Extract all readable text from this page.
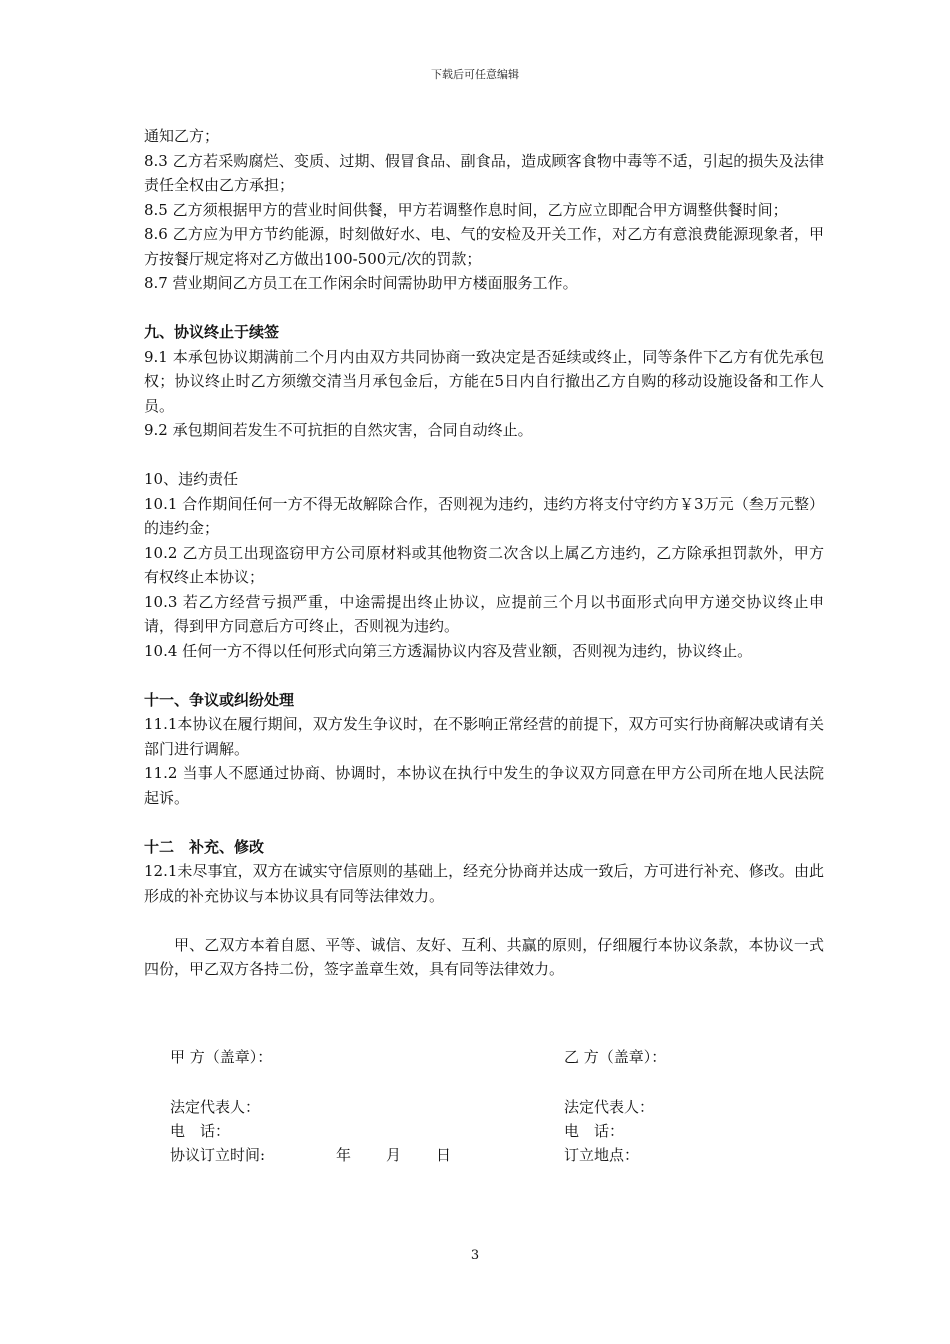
下载后可任意编辑

通知乙方；

8.3 乙方若采购腐烂、变质、过期、假冒食品、副食品，造成顾客食物中毒等不适，引起的损失及法律责任全权由乙方承担；

8.5 乙方须根据甲方的营业时间供餐，甲方若调整作息时间，乙方应立即配合甲方调整供餐时间；

8.6 乙方应为甲方节约能源，时刻做好水、电、气的安检及开关工作，对乙方有意浪费能源现象者，甲方按餐厅规定将对乙方做出100-500元/次的罚款；

8.7 营业期间乙方员工在工作闲余时间需协助甲方楼面服务工作。

九、协议终止于续签

9.1 本承包协议期满前二个月内由双方共同协商一致决定是否延续或终止，同等条件下乙方有优先承包权；协议终止时乙方须缴交清当月承包金后，方能在5日内自行撤出乙方自购的移动设施设备和工作人员。

9.2 承包期间若发生不可抗拒的自然灾害，合同自动终止。

10、违约责任

10.1 合作期间任何一方不得无故解除合作，否则视为违约，违约方将支付守约方￥3万元（叁万元整）的违约金；

10.2 乙方员工出现盗窃甲方公司原材料或其他物资二次含以上属乙方违约，乙方除承担罚款外，甲方有权终止本协议；

10.3 若乙方经营亏损严重，中途需提出终止协议，应提前三个月以书面形式向甲方递交协议终止申请，得到甲方同意后方可终止，否则视为违约。

10.4 任何一方不得以任何形式向第三方透漏协议内容及营业额，否则视为违约，协议终止。

十一、争议或纠纷处理

11.1本协议在履行期间，双方发生争议时，在不影响正常经营的前提下，双方可实行协商解决或请有关部门进行调解。

11.2 当事人不愿通过协商、协调时，本协议在执行中发生的争议双方同意在甲方公司所在地人民法院起诉。

十二　补充、修改

12.1未尽事宜，双方在诚实守信原则的基础上，经充分协商并达成一致后，方可进行补充、修改。由此形成的补充协议与本协议具有同等法律效力。

甲、乙双方本着自愿、平等、诚信、友好、互利、共赢的原则，仔细履行本协议条款，本协议一式四份，甲乙双方各持二份，签字盖章生效，具有同等法律效力。

甲 方（盖章）：	乙 方（盖章）：
法定代表人：	法定代表人：
电　话：	电　话：
协议订立时间:	年 月 日	订立地点：
3
